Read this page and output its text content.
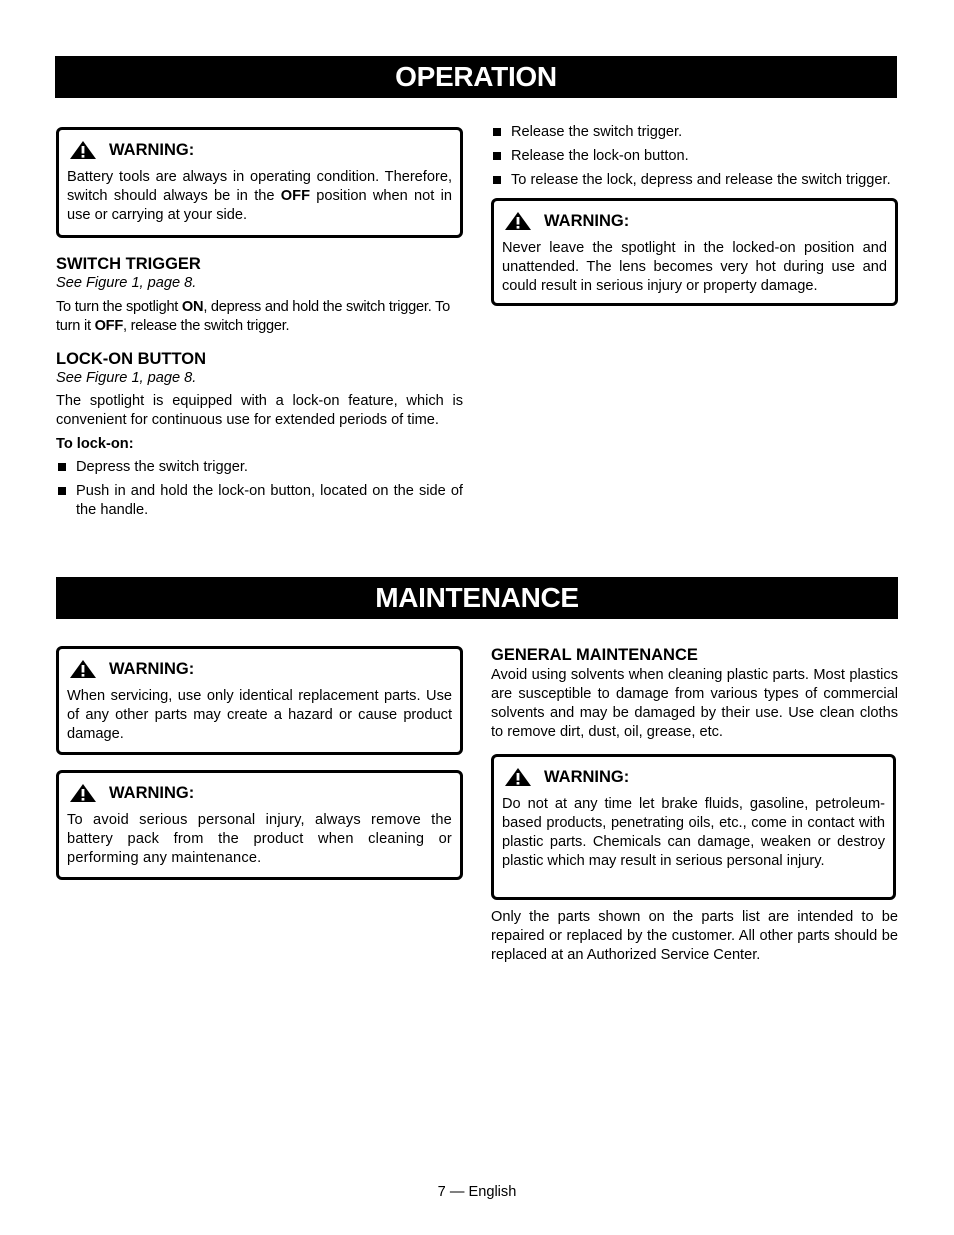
OPERATION
WARNING:
Battery tools are always in operating condition. Therefore, switch should always be in the OFF position when not in use or carrying at your side.
SWITCH TRIGGER
See Figure 1, page 8.

To turn the spotlight ON, depress and hold the switch trigger. To turn it OFF, release the switch trigger.

LOCK-ON BUTTON
See Figure 1, page 8.

The spotlight is equipped with a lock-on feature, which is convenient for continuous use for extended periods of time.

To lock-on:

Depress the switch trigger.
Push in and hold the lock-on button, located on the side of the handle.
Release the switch trigger.
Release the lock-on button.
To release the lock, depress and release the switch trigger.
WARNING:
Never leave the spotlight in the locked-on position and unattended. The lens becomes very hot during use and could result in serious injury or property damage.
MAINTENANCE
WARNING:
When servicing, use only identical replacement parts. Use of any other parts may create a hazard or cause product damage.
WARNING:
To avoid serious personal injury, always remove the battery pack from the product when cleaning or performing any maintenance.
GENERAL MAINTENANCE

Avoid using solvents when cleaning plastic parts. Most plastics are susceptible to damage from various types of commercial solvents and may be damaged by their use. Use clean cloths to remove dirt, dust, oil, grease, etc.

WARNING:
Do not at any time let brake fluids, gasoline, petroleum-based products, penetrating oils, etc., come in contact with plastic parts. Chemicals can damage, weaken or destroy plastic which may result in serious personal injury.

Only the parts shown on the parts list are intended to be repaired or replaced by the customer. All other parts should be replaced at an Authorized Service Center.

7 — English
